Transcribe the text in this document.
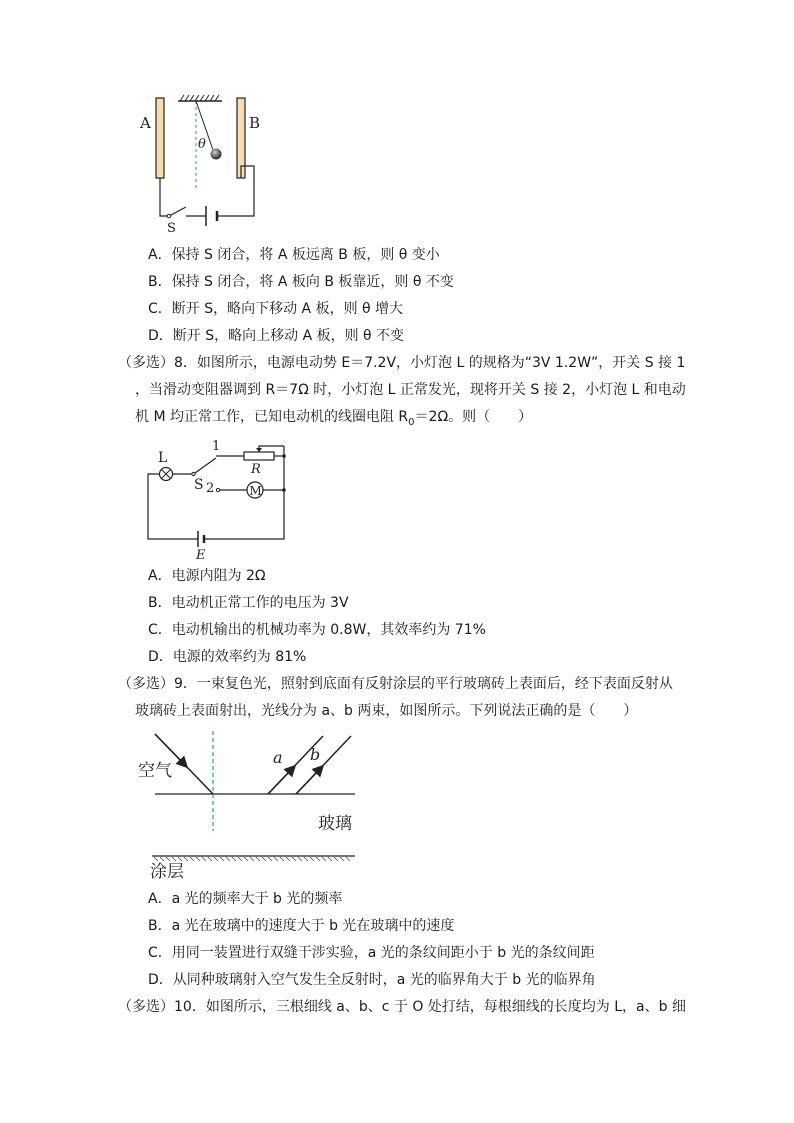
A	B
θ
S
A．保持 S 闭合，将 A 板远离 B 板，则 θ 变小
B．保持 S 闭合，将 A 板向 B 板靠近，则 θ 不变
C．断开 S，略向下移动 A 板，则 θ 增大
D．断开 S，略向上移动 A 板，则 θ 不变
（多选）8．如图所示，电源电动势 E＝7.2V，小灯泡 L 的规格为“3V 1.2W”，开关 S 接 1
，当滑动变阻器调到 R＝7Ω 时，小灯泡 L 正常发光，现将开关 S 接 2，小灯泡 L 和电动
机 M 均正常工作，已知电动机的线圈电阻 $R_0=2\Omega$。则（　　）
L
1
S 2
R
M
E
A．电源内阻为 2Ω
B．电动机正常工作的电压为 3V
C．电动机输出的机械功率为 0.8W，其效率约为 71%
D．电源的效率约为 81%
（多选）9．一束复色光，照射到底面有反射涂层的平行玻璃砖上表面后，经下表面反射从
玻璃砖上表面射出，光线分为 a、b 两束，如图所示。下列说法正确的是（　　）
空气
a b
玻璃
涂层
A．a 光的频率大于 b 光的频率
B．a 光在玻璃中的速度大于 b 光在玻璃中的速度
C．用同一装置进行双缝干涉实验，a 光的条纹间距小于 b 光的条纹间距
D．从同种玻璃射入空气发生全反射时，a 光的临界角大于 b 光的临界角
（多选）10．如图所示，三根细线 a、b、c 于 O 处打结，每根细线的长度均为 L，a、b 细
